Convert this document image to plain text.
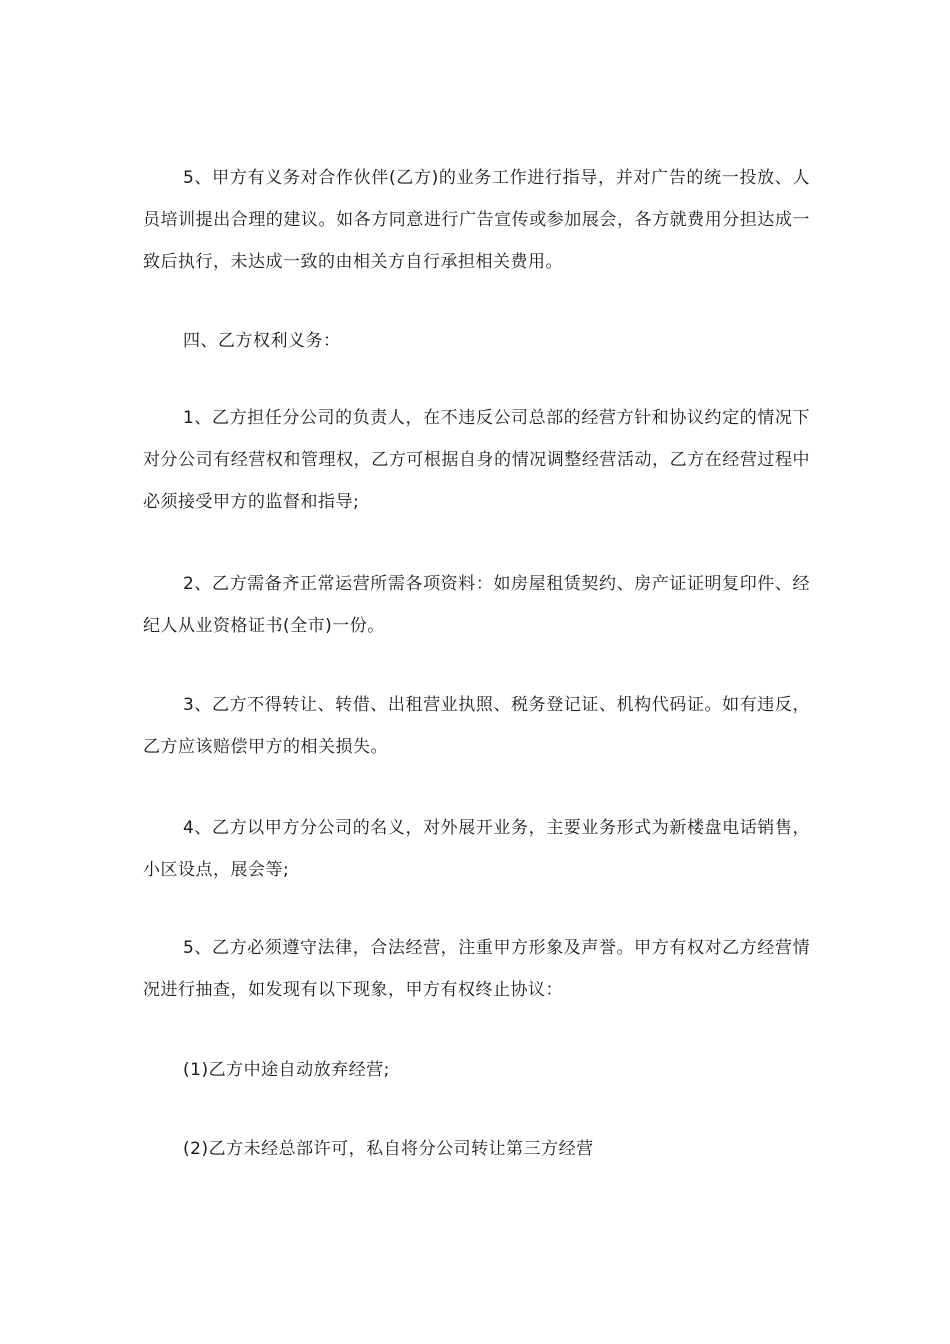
5、甲方有义务对合作伙伴(乙方)的业务工作进行指导，并对广告的统一投放、人员培训提出合理的建议。如各方同意进行广告宣传或参加展会，各方就费用分担达成一致后执行，未达成一致的由相关方自行承担相关费用。

四、乙方权利义务：

1、乙方担任分公司的负责人，在不违反公司总部的经营方针和协议约定的情况下对分公司有经营权和管理权，乙方可根据自身的情况调整经营活动，乙方在经营过程中必须接受甲方的监督和指导;

2、乙方需备齐正常运营所需各项资料：如房屋租赁契约、房产证证明复印件、经纪人从业资格证书(全市)一份。

3、乙方不得转让、转借、出租营业执照、税务登记证、机构代码证。如有违反，乙方应该赔偿甲方的相关损失。

4、乙方以甲方分公司的名义，对外展开业务，主要业务形式为新楼盘电话销售，小区设点，展会等;

5、乙方必须遵守法律，合法经营，注重甲方形象及声誉。甲方有权对乙方经营情况进行抽查，如发现有以下现象，甲方有权终止协议：

(1)乙方中途自动放弃经营;

(2)乙方未经总部许可，私自将分公司转让第三方经营
